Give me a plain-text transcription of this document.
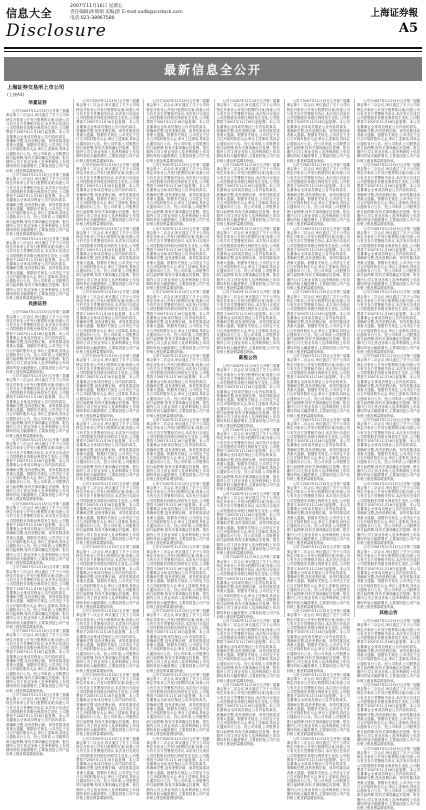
信息大全
2007年11月16日 星期五
责任编辑|孙瑞瑞 美编|彭 E-mail:xxdb@cnstock.com
电话:021-38967580
Disclosure
上海证券報
A5
最新信息全公开
上海证券交易所上市公司
(上接A4)
华夏证券

公司于2007年11月15日召开第三届董事会第十二次会议,审议通过了关于公司向特定对象非公开发行股票的议案;同意公司与有关各方签署相关协议,本次发行完成后公司控股股东持股比例将发生变化,公司股票将于2007年11月16日起复牌。本公司及董事会全体成员保证公告内容的真实、准确和完整,没有虚假记载、误导性陈述或者重大遗漏。根据有关规定,公司决定于近日召开临时股东大会,审议上述事项,具体会议通知另行公告。经公司申请,公司股票自即日起停牌,待有关事项确定后复牌。报告期内公司主营业务收入及净利润较上年同期均有较大幅度增长,主要原因是公司产品价格上涨及销量增加所致。

公司于2007年11月15日召开第三届董事会第十二次会议,审议通过了关于公司向特定对象非公开发行股票的议案;同意公司与有关各方签署相关协议,本次发行完成后公司控股股东持股比例将发生变化,公司股票将于2007年11月16日起复牌。本公司及董事会全体成员保证公告内容的真实、准确和完整,没有虚假记载、误导性陈述或者重大遗漏。根据有关规定,公司决定于近日召开临时股东大会,审议上述事项,具体会议通知另行公告。经公司申请,公司股票自即日起停牌,待有关事项确定后复牌。报告期内公司主营业务收入及净利润较上年同期均有较大幅度增长,主要原因是公司产品价格上涨及销量增加所致。

公司于2007年11月15日召开第三届董事会第十二次会议,审议通过了关于公司向特定对象非公开发行股票的议案;同意公司与有关各方签署相关协议,本次发行完成后公司控股股东持股比例将发生变化,公司股票将于2007年11月16日起复牌。本公司及董事会全体成员保证公告内容的真实、准确和完整,没有虚假记载、误导性陈述或者重大遗漏。根据有关规定,公司决定于近日召开临时股东大会,审议上述事项,具体会议通知另行公告。经公司申请,公司股票自即日起停牌,待有关事项确定后复牌。报告期内公司主营业务收入及净利润较上年同期均有较大幅度增长,主要原因是公司产品价格上涨及销量增加所致。

民族证券

公司于2007年11月15日召开第三届董事会第十二次会议,审议通过了关于公司向特定对象非公开发行股票的议案;同意公司与有关各方签署相关协议,本次发行完成后公司控股股东持股比例将发生变化,公司股票将于2007年11月16日起复牌。本公司及董事会全体成员保证公告内容的真实、准确和完整,没有虚假记载、误导性陈述或者重大遗漏。根据有关规定,公司决定于近日召开临时股东大会,审议上述事项,具体会议通知另行公告。经公司申请,公司股票自即日起停牌,待有关事项确定后复牌。报告期内公司主营业务收入及净利润较上年同期均有较大幅度增长,主要原因是公司产品价格上涨及销量增加所致。

公司于2007年11月15日召开第三届董事会第十二次会议,审议通过了关于公司向特定对象非公开发行股票的议案;同意公司与有关各方签署相关协议,本次发行完成后公司控股股东持股比例将发生变化,公司股票将于2007年11月16日起复牌。本公司及董事会全体成员保证公告内容的真实、准确和完整,没有虚假记载、误导性陈述或者重大遗漏。根据有关规定,公司决定于近日召开临时股东大会,审议上述事项,具体会议通知另行公告。经公司申请,公司股票自即日起停牌,待有关事项确定后复牌。报告期内公司主营业务收入及净利润较上年同期均有较大幅度增长,主要原因是公司产品价格上涨及销量增加所致。

公司于2007年11月15日召开第三届董事会第十二次会议,审议通过了关于公司向特定对象非公开发行股票的议案;同意公司与有关各方签署相关协议,本次发行完成后公司控股股东持股比例将发生变化,公司股票将于2007年11月16日起复牌。本公司及董事会全体成员保证公告内容的真实、准确和完整,没有虚假记载、误导性陈述或者重大遗漏。根据有关规定,公司决定于近日召开临时股东大会,审议上述事项,具体会议通知另行公告。经公司申请,公司股票自即日起停牌,待有关事项确定后复牌。报告期内公司主营业务收入及净利润较上年同期均有较大幅度增长,主要原因是公司产品价格上涨及销量增加所致。

公司于2007年11月15日召开第三届董事会第十二次会议,审议通过了关于公司向特定对象非公开发行股票的议案;同意公司与有关各方签署相关协议,本次发行完成后公司控股股东持股比例将发生变化,公司股票将于2007年11月16日起复牌。本公司及董事会全体成员保证公告内容的真实、准确和完整,没有虚假记载、误导性陈述或者重大遗漏。根据有关规定,公司决定于近日召开临时股东大会,审议上述事项,具体会议通知另行公告。经公司申请,公司股票自即日起停牌,待有关事项确定后复牌。报告期内公司主营业务收入及净利润较上年同期均有较大幅度增长,主要原因是公司产品价格上涨及销量增加所致。

公司于2007年11月15日召开第三届董事会第十二次会议,审议通过了关于公司向特定对象非公开发行股票的议案;同意公司与有关各方签署相关协议,本次发行完成后公司控股股东持股比例将发生变化,公司股票将于2007年11月16日起复牌。本公司及董事会全体成员保证公告内容的真实、准确和完整,没有虚假记载、误导性陈述或者重大遗漏。根据有关规定,公司决定于近日召开临时股东大会,审议上述事项,具体会议通知另行公告。经公司申请,公司股票自即日起停牌,待有关事项确定后复牌。报告期内公司主营业务收入及净利润较上年同期均有较大幅度增长,主要原因是公司产品价格上涨及销量增加所致。

公司于2007年11月15日召开第三届董事会第十二次会议,审议通过了关于公司向特定对象非公开发行股票的议案;同意公司与有关各方签署相关协议,本次发行完成后公司控股股东持股比例将发生变化,公司股票将于2007年11月16日起复牌。本公司及董事会全体成员保证公告内容的真实、准确和完整,没有虚假记载、误导性陈述或者重大遗漏。根据有关规定,公司决定于近日召开临时股东大会,审议上述事项,具体会议通知另行公告。经公司申请,公司股票自即日起停牌,待有关事项确定后复牌。报告期内公司主营业务收入及净利润较上年同期均有较大幅度增长,主要原因是公司产品价格上涨及销量增加所致。

公司于2007年11月15日召开第三届董事会第十二次会议,审议通过了关于公司向特定对象非公开发行股票的议案;同意公司与有关各方签署相关协议,本次发行完成后公司控股股东持股比例将发生变化,公司股票将于2007年11月16日起复牌。本公司及董事会全体成员保证公告内容的真实、准确和完整,没有虚假记载、误导性陈述或者重大遗漏。根据有关规定,公司决定于近日召开临时股东大会,审议上述事项,具体会议通知另行公告。经公司申请,公司股票自即日起停牌,待有关事项确定后复牌。报告期内公司主营业务收入及净利润较上年同期均有较大幅度增长,主要原因是公司产品价格上涨及销量增加所致。

公司于2007年11月15日召开第三届董事会第十二次会议,审议通过了关于公司向特定对象非公开发行股票的议案;同意公司与有关各方签署相关协议,本次发行完成后公司控股股东持股比例将发生变化,公司股票将于2007年11月16日起复牌。本公司及董事会全体成员保证公告内容的真实、准确和完整,没有虚假记载、误导性陈述或者重大遗漏。根据有关规定,公司决定于近日召开临时股东大会,审议上述事项,具体会议通知另行公告。经公司申请,公司股票自即日起停牌,待有关事项确定后复牌。报告期内公司主营业务收入及净利润较上年同期均有较大幅度增长,主要原因是公司产品价格上涨及销量增加所致。

公司于2007年11月15日召开第三届董事会第十二次会议,审议通过了关于公司向特定对象非公开发行股票的议案;同意公司与有关各方签署相关协议,本次发行完成后公司控股股东持股比例将发生变化,公司股票将于2007年11月16日起复牌。本公司及董事会全体成员保证公告内容的真实、准确和完整,没有虚假记载、误导性陈述或者重大遗漏。根据有关规定,公司决定于近日召开临时股东大会,审议上述事项,具体会议通知另行公告。经公司申请,公司股票自即日起停牌,待有关事项确定后复牌。报告期内公司主营业务收入及净利润较上年同期均有较大幅度增长,主要原因是公司产品价格上涨及销量增加所致。

公司于2007年11月15日召开第三届董事会第十二次会议,审议通过了关于公司向特定对象非公开发行股票的议案;同意公司与有关各方签署相关协议,本次发行完成后公司控股股东持股比例将发生变化,公司股票将于2007年11月16日起复牌。本公司及董事会全体成员保证公告内容的真实、准确和完整,没有虚假记载、误导性陈述或者重大遗漏。根据有关规定,公司决定于近日召开临时股东大会,审议上述事项,具体会议通知另行公告。经公司申请,公司股票自即日起停牌,待有关事项确定后复牌。报告期内公司主营业务收入及净利润较上年同期均有较大幅度增长,主要原因是公司产品价格上涨及销量增加所致。

公司于2007年11月15日召开第三届董事会第十二次会议,审议通过了关于公司向特定对象非公开发行股票的议案;同意公司与有关各方签署相关协议,本次发行完成后公司控股股东持股比例将发生变化,公司股票将于2007年11月16日起复牌。本公司及董事会全体成员保证公告内容的真实、准确和完整,没有虚假记载、误导性陈述或者重大遗漏。根据有关规定,公司决定于近日召开临时股东大会,审议上述事项,具体会议通知另行公告。经公司申请,公司股票自即日起停牌,待有关事项确定后复牌。报告期内公司主营业务收入及净利润较上年同期均有较大幅度增长,主要原因是公司产品价格上涨及销量增加所致。

公司于2007年11月15日召开第三届董事会第十二次会议,审议通过了关于公司向特定对象非公开发行股票的议案;同意公司与有关各方签署相关协议,本次发行完成后公司控股股东持股比例将发生变化,公司股票将于2007年11月16日起复牌。本公司及董事会全体成员保证公告内容的真实、准确和完整,没有虚假记载、误导性陈述或者重大遗漏。根据有关规定,公司决定于近日召开临时股东大会,审议上述事项,具体会议通知另行公告。经公司申请,公司股票自即日起停牌,待有关事项确定后复牌。报告期内公司主营业务收入及净利润较上年同期均有较大幅度增长,主要原因是公司产品价格上涨及销量增加所致。

公司于2007年11月15日召开第三届董事会第十二次会议,审议通过了关于公司向特定对象非公开发行股票的议案;同意公司与有关各方签署相关协议,本次发行完成后公司控股股东持股比例将发生变化,公司股票将于2007年11月16日起复牌。本公司及董事会全体成员保证公告内容的真实、准确和完整,没有虚假记载、误导性陈述或者重大遗漏。根据有关规定,公司决定于近日召开临时股东大会,审议上述事项,具体会议通知另行公告。经公司申请,公司股票自即日起停牌,待有关事项确定后复牌。报告期内公司主营业务收入及净利润较上年同期均有较大幅度增长,主要原因是公司产品价格上涨及销量增加所致。

公司于2007年11月15日召开第三届董事会第十二次会议,审议通过了关于公司向特定对象非公开发行股票的议案;同意公司与有关各方签署相关协议,本次发行完成后公司控股股东持股比例将发生变化,公司股票将于2007年11月16日起复牌。本公司及董事会全体成员保证公告内容的真实、准确和完整,没有虚假记载、误导性陈述或者重大遗漏。根据有关规定,公司决定于近日召开临时股东大会,审议上述事项,具体会议通知另行公告。经公司申请,公司股票自即日起停牌,待有关事项确定后复牌。报告期内公司主营业务收入及净利润较上年同期均有较大幅度增长,主要原因是公司产品价格上涨及销量增加所致。

公司于2007年11月15日召开第三届董事会第十二次会议,审议通过了关于公司向特定对象非公开发行股票的议案;同意公司与有关各方签署相关协议,本次发行完成后公司控股股东持股比例将发生变化,公司股票将于2007年11月16日起复牌。本公司及董事会全体成员保证公告内容的真实、准确和完整,没有虚假记载、误导性陈述或者重大遗漏。根据有关规定,公司决定于近日召开临时股东大会,审议上述事项,具体会议通知另行公告。经公司申请,公司股票自即日起停牌,待有关事项确定后复牌。报告期内公司主营业务收入及净利润较上年同期均有较大幅度增长,主要原因是公司产品价格上涨及销量增加所致。

公司于2007年11月15日召开第三届董事会第十二次会议,审议通过了关于公司向特定对象非公开发行股票的议案;同意公司与有关各方签署相关协议,本次发行完成后公司控股股东持股比例将发生变化,公司股票将于2007年11月16日起复牌。本公司及董事会全体成员保证公告内容的真实、准确和完整,没有虚假记载、误导性陈述或者重大遗漏。根据有关规定,公司决定于近日召开临时股东大会,审议上述事项,具体会议通知另行公告。经公司申请,公司股票自即日起停牌,待有关事项确定后复牌。报告期内公司主营业务收入及净利润较上年同期均有较大幅度增长,主要原因是公司产品价格上涨及销量增加所致。

公司于2007年11月15日召开第三届董事会第十二次会议,审议通过了关于公司向特定对象非公开发行股票的议案;同意公司与有关各方签署相关协议,本次发行完成后公司控股股东持股比例将发生变化,公司股票将于2007年11月16日起复牌。本公司及董事会全体成员保证公告内容的真实、准确和完整,没有虚假记载、误导性陈述或者重大遗漏。根据有关规定,公司决定于近日召开临时股东大会,审议上述事项,具体会议通知另行公告。经公司申请,公司股票自即日起停牌,待有关事项确定后复牌。报告期内公司主营业务收入及净利润较上年同期均有较大幅度增长,主要原因是公司产品价格上涨及销量增加所致。

公司于2007年11月15日召开第三届董事会第十二次会议,审议通过了关于公司向特定对象非公开发行股票的议案;同意公司与有关各方签署相关协议,本次发行完成后公司控股股东持股比例将发生变化,公司股票将于2007年11月16日起复牌。本公司及董事会全体成员保证公告内容的真实、准确和完整,没有虚假记载、误导性陈述或者重大遗漏。根据有关规定,公司决定于近日召开临时股东大会,审议上述事项,具体会议通知另行公告。经公司申请,公司股票自即日起停牌,待有关事项确定后复牌。报告期内公司主营业务收入及净利润较上年同期均有较大幅度增长,主要原因是公司产品价格上涨及销量增加所致。

公司于2007年11月15日召开第三届董事会第十二次会议,审议通过了关于公司向特定对象非公开发行股票的议案;同意公司与有关各方签署相关协议,本次发行完成后公司控股股东持股比例将发生变化,公司股票将于2007年11月16日起复牌。本公司及董事会全体成员保证公告内容的真实、准确和完整,没有虚假记载、误导性陈述或者重大遗漏。根据有关规定,公司决定于近日召开临时股东大会,审议上述事项,具体会议通知另行公告。经公司申请,公司股票自即日起停牌,待有关事项确定后复牌。报告期内公司主营业务收入及净利润较上年同期均有较大幅度增长,主要原因是公司产品价格上涨及销量增加所致。

公司于2007年11月15日召开第三届董事会第十二次会议,审议通过了关于公司向特定对象非公开发行股票的议案;同意公司与有关各方签署相关协议,本次发行完成后公司控股股东持股比例将发生变化,公司股票将于2007年11月16日起复牌。本公司及董事会全体成员保证公告内容的真实、准确和完整,没有虚假记载、误导性陈述或者重大遗漏。根据有关规定,公司决定于近日召开临时股东大会,审议上述事项,具体会议通知另行公告。经公司申请,公司股票自即日起停牌,待有关事项确定后复牌。报告期内公司主营业务收入及净利润较上年同期均有较大幅度增长,主要原因是公司产品价格上涨及销量增加所致。

公司于2007年11月15日召开第三届董事会第十二次会议,审议通过了关于公司向特定对象非公开发行股票的议案;同意公司与有关各方签署相关协议,本次发行完成后公司控股股东持股比例将发生变化,公司股票将于2007年11月16日起复牌。本公司及董事会全体成员保证公告内容的真实、准确和完整,没有虚假记载、误导性陈述或者重大遗漏。根据有关规定,公司决定于近日召开临时股东大会,审议上述事项,具体会议通知另行公告。经公司申请,公司股票自即日起停牌,待有关事项确定后复牌。报告期内公司主营业务收入及净利润较上年同期均有较大幅度增长,主要原因是公司产品价格上涨及销量增加所致。

公司于2007年11月15日召开第三届董事会第十二次会议,审议通过了关于公司向特定对象非公开发行股票的议案;同意公司与有关各方签署相关协议,本次发行完成后公司控股股东持股比例将发生变化,公司股票将于2007年11月16日起复牌。本公司及董事会全体成员保证公告内容的真实、准确和完整,没有虚假记载、误导性陈述或者重大遗漏。根据有关规定,公司决定于近日召开临时股东大会,审议上述事项,具体会议通知另行公告。经公司申请,公司股票自即日起停牌,待有关事项确定后复牌。报告期内公司主营业务收入及净利润较上年同期均有较大幅度增长,主要原因是公司产品价格上涨及销量增加所致。

公司于2007年11月15日召开第三届董事会第十二次会议,审议通过了关于公司向特定对象非公开发行股票的议案;同意公司与有关各方签署相关协议,本次发行完成后公司控股股东持股比例将发生变化,公司股票将于2007年11月16日起复牌。本公司及董事会全体成员保证公告内容的真实、准确和完整,没有虚假记载、误导性陈述或者重大遗漏。根据有关规定,公司决定于近日召开临时股东大会,审议上述事项,具体会议通知另行公告。经公司申请,公司股票自即日起停牌,待有关事项确定后复牌。报告期内公司主营业务收入及净利润较上年同期均有较大幅度增长,主要原因是公司产品价格上涨及销量增加所致。

公司于2007年11月15日召开第三届董事会第十二次会议,审议通过了关于公司向特定对象非公开发行股票的议案;同意公司与有关各方签署相关协议,本次发行完成后公司控股股东持股比例将发生变化,公司股票将于2007年11月16日起复牌。本公司及董事会全体成员保证公告内容的真实、准确和完整,没有虚假记载、误导性陈述或者重大遗漏。根据有关规定,公司决定于近日召开临时股东大会,审议上述事项,具体会议通知另行公告。经公司申请,公司股票自即日起停牌,待有关事项确定后复牌。报告期内公司主营业务收入及净利润较上年同期均有较大幅度增长,主要原因是公司产品价格上涨及销量增加所致。

公司于2007年11月15日召开第三届董事会第十二次会议,审议通过了关于公司向特定对象非公开发行股票的议案;同意公司与有关各方签署相关协议,本次发行完成后公司控股股东持股比例将发生变化,公司股票将于2007年11月16日起复牌。本公司及董事会全体成员保证公告内容的真实、准确和完整,没有虚假记载、误导性陈述或者重大遗漏。根据有关规定,公司决定于近日召开临时股东大会,审议上述事项,具体会议通知另行公告。经公司申请,公司股票自即日起停牌,待有关事项确定后复牌。报告期内公司主营业务收入及净利润较上年同期均有较大幅度增长,主要原因是公司产品价格上涨及销量增加所致。

公司于2007年11月15日召开第三届董事会第十二次会议,审议通过了关于公司向特定对象非公开发行股票的议案;同意公司与有关各方签署相关协议,本次发行完成后公司控股股东持股比例将发生变化,公司股票将于2007年11月16日起复牌。本公司及董事会全体成员保证公告内容的真实、准确和完整,没有虚假记载、误导性陈述或者重大遗漏。根据有关规定,公司决定于近日召开临时股东大会,审议上述事项,具体会议通知另行公告。经公司申请,公司股票自即日起停牌,待有关事项确定后复牌。报告期内公司主营业务收入及净利润较上年同期均有较大幅度增长,主要原因是公司产品价格上涨及销量增加所致。

公司于2007年11月15日召开第三届董事会第十二次会议,审议通过了关于公司向特定对象非公开发行股票的议案;同意公司与有关各方签署相关协议,本次发行完成后公司控股股东持股比例将发生变化,公司股票将于2007年11月16日起复牌。本公司及董事会全体成员保证公告内容的真实、准确和完整,没有虚假记载、误导性陈述或者重大遗漏。根据有关规定,公司决定于近日召开临时股东大会,审议上述事项,具体会议通知另行公告。经公司申请,公司股票自即日起停牌,待有关事项确定后复牌。报告期内公司主营业务收入及净利润较上年同期均有较大幅度增长,主要原因是公司产品价格上涨及销量增加所致。

公司于2007年11月15日召开第三届董事会第十二次会议,审议通过了关于公司向特定对象非公开发行股票的议案;同意公司与有关各方签署相关协议,本次发行完成后公司控股股东持股比例将发生变化,公司股票将于2007年11月16日起复牌。本公司及董事会全体成员保证公告内容的真实、准确和完整,没有虚假记载、误导性陈述或者重大遗漏。根据有关规定,公司决定于近日召开临时股东大会,审议上述事项,具体会议通知另行公告。经公司申请,公司股票自即日起停牌,待有关事项确定后复牌。报告期内公司主营业务收入及净利润较上年同期均有较大幅度增长,主要原因是公司产品价格上涨及销量增加所致。

公司于2007年11月15日召开第三届董事会第十二次会议,审议通过了关于公司向特定对象非公开发行股票的议案;同意公司与有关各方签署相关协议,本次发行完成后公司控股股东持股比例将发生变化,公司股票将于2007年11月16日起复牌。本公司及董事会全体成员保证公告内容的真实、准确和完整,没有虚假记载、误导性陈述或者重大遗漏。根据有关规定,公司决定于近日召开临时股东大会,审议上述事项,具体会议通知另行公告。经公司申请,公司股票自即日起停牌,待有关事项确定后复牌。报告期内公司主营业务收入及净利润较上年同期均有较大幅度增长,主要原因是公司产品价格上涨及销量增加所致。

公司于2007年11月15日召开第三届董事会第十二次会议,审议通过了关于公司向特定对象非公开发行股票的议案;同意公司与有关各方签署相关协议,本次发行完成后公司控股股东持股比例将发生变化,公司股票将于2007年11月16日起复牌。本公司及董事会全体成员保证公告内容的真实、准确和完整,没有虚假记载、误导性陈述或者重大遗漏。根据有关规定,公司决定于近日召开临时股东大会,审议上述事项,具体会议通知另行公告。经公司申请,公司股票自即日起停牌,待有关事项确定后复牌。报告期内公司主营业务收入及净利润较上年同期均有较大幅度增长,主要原因是公司产品价格上涨及销量增加所致。

公司于2007年11月15日召开第三届董事会第十二次会议,审议通过了关于公司向特定对象非公开发行股票的议案;同意公司与有关各方签署相关协议,本次发行完成后公司控股股东持股比例将发生变化,公司股票将于2007年11月16日起复牌。本公司及董事会全体成员保证公告内容的真实、准确和完整,没有虚假记载、误导性陈述或者重大遗漏。根据有关规定,公司决定于近日召开临时股东大会,审议上述事项,具体会议通知另行公告。经公司申请,公司股票自即日起停牌,待有关事项确定后复牌。报告期内公司主营业务收入及净利润较上年同期均有较大幅度增长,主要原因是公司产品价格上涨及销量增加所致。

公司于2007年11月15日召开第三届董事会第十二次会议,审议通过了关于公司向特定对象非公开发行股票的议案;同意公司与有关各方签署相关协议,本次发行完成后公司控股股东持股比例将发生变化,公司股票将于2007年11月16日起复牌。本公司及董事会全体成员保证公告内容的真实、准确和完整,没有虚假记载、误导性陈述或者重大遗漏。根据有关规定,公司决定于近日召开临时股东大会,审议上述事项,具体会议通知另行公告。经公司申请,公司股票自即日起停牌,待有关事项确定后复牌。报告期内公司主营业务收入及净利润较上年同期均有较大幅度增长,主要原因是公司产品价格上涨及销量增加所致。

公司于2007年11月15日召开第三届董事会第十二次会议,审议通过了关于公司向特定对象非公开发行股票的议案;同意公司与有关各方签署相关协议,本次发行完成后公司控股股东持股比例将发生变化,公司股票将于2007年11月16日起复牌。本公司及董事会全体成员保证公告内容的真实、准确和完整,没有虚假记载、误导性陈述或者重大遗漏。根据有关规定,公司决定于近日召开临时股东大会,审议上述事项,具体会议通知另行公告。经公司申请,公司股票自即日起停牌,待有关事项确定后复牌。报告期内公司主营业务收入及净利润较上年同期均有较大幅度增长,主要原因是公司产品价格上涨及销量增加所致。

新股公告

公司于2007年11月15日召开第三届董事会第十二次会议,审议通过了关于公司向特定对象非公开发行股票的议案;同意公司与有关各方签署相关协议,本次发行完成后公司控股股东持股比例将发生变化,公司股票将于2007年11月16日起复牌。本公司及董事会全体成员保证公告内容的真实、准确和完整,没有虚假记载、误导性陈述或者重大遗漏。根据有关规定,公司决定于近日召开临时股东大会,审议上述事项,具体会议通知另行公告。经公司申请,公司股票自即日起停牌,待有关事项确定后复牌。报告期内公司主营业务收入及净利润较上年同期均有较大幅度增长,主要原因是公司产品价格上涨及销量增加所致。

公司于2007年11月15日召开第三届董事会第十二次会议,审议通过了关于公司向特定对象非公开发行股票的议案;同意公司与有关各方签署相关协议,本次发行完成后公司控股股东持股比例将发生变化,公司股票将于2007年11月16日起复牌。本公司及董事会全体成员保证公告内容的真实、准确和完整,没有虚假记载、误导性陈述或者重大遗漏。根据有关规定,公司决定于近日召开临时股东大会,审议上述事项,具体会议通知另行公告。经公司申请,公司股票自即日起停牌,待有关事项确定后复牌。报告期内公司主营业务收入及净利润较上年同期均有较大幅度增长,主要原因是公司产品价格上涨及销量增加所致。

公司于2007年11月15日召开第三届董事会第十二次会议,审议通过了关于公司向特定对象非公开发行股票的议案;同意公司与有关各方签署相关协议,本次发行完成后公司控股股东持股比例将发生变化,公司股票将于2007年11月16日起复牌。本公司及董事会全体成员保证公告内容的真实、准确和完整,没有虚假记载、误导性陈述或者重大遗漏。根据有关规定,公司决定于近日召开临时股东大会,审议上述事项,具体会议通知另行公告。经公司申请,公司股票自即日起停牌,待有关事项确定后复牌。报告期内公司主营业务收入及净利润较上年同期均有较大幅度增长,主要原因是公司产品价格上涨及销量增加所致。

公司于2007年11月15日召开第三届董事会第十二次会议,审议通过了关于公司向特定对象非公开发行股票的议案;同意公司与有关各方签署相关协议,本次发行完成后公司控股股东持股比例将发生变化,公司股票将于2007年11月16日起复牌。本公司及董事会全体成员保证公告内容的真实、准确和完整,没有虚假记载、误导性陈述或者重大遗漏。根据有关规定,公司决定于近日召开临时股东大会,审议上述事项,具体会议通知另行公告。经公司申请,公司股票自即日起停牌,待有关事项确定后复牌。报告期内公司主营业务收入及净利润较上年同期均有较大幅度增长,主要原因是公司产品价格上涨及销量增加所致。

公司于2007年11月15日召开第三届董事会第十二次会议,审议通过了关于公司向特定对象非公开发行股票的议案;同意公司与有关各方签署相关协议,本次发行完成后公司控股股东持股比例将发生变化,公司股票将于2007年11月16日起复牌。本公司及董事会全体成员保证公告内容的真实、准确和完整,没有虚假记载、误导性陈述或者重大遗漏。根据有关规定,公司决定于近日召开临时股东大会,审议上述事项,具体会议通知另行公告。经公司申请,公司股票自即日起停牌,待有关事项确定后复牌。报告期内公司主营业务收入及净利润较上年同期均有较大幅度增长,主要原因是公司产品价格上涨及销量增加所致。

公司于2007年11月15日召开第三届董事会第十二次会议,审议通过了关于公司向特定对象非公开发行股票的议案;同意公司与有关各方签署相关协议,本次发行完成后公司控股股东持股比例将发生变化,公司股票将于2007年11月16日起复牌。本公司及董事会全体成员保证公告内容的真实、准确和完整,没有虚假记载、误导性陈述或者重大遗漏。根据有关规定,公司决定于近日召开临时股东大会,审议上述事项,具体会议通知另行公告。经公司申请,公司股票自即日起停牌,待有关事项确定后复牌。报告期内公司主营业务收入及净利润较上年同期均有较大幅度增长,主要原因是公司产品价格上涨及销量增加所致。

公司于2007年11月15日召开第三届董事会第十二次会议,审议通过了关于公司向特定对象非公开发行股票的议案;同意公司与有关各方签署相关协议,本次发行完成后公司控股股东持股比例将发生变化,公司股票将于2007年11月16日起复牌。本公司及董事会全体成员保证公告内容的真实、准确和完整,没有虚假记载、误导性陈述或者重大遗漏。根据有关规定,公司决定于近日召开临时股东大会,审议上述事项,具体会议通知另行公告。经公司申请,公司股票自即日起停牌,待有关事项确定后复牌。报告期内公司主营业务收入及净利润较上年同期均有较大幅度增长,主要原因是公司产品价格上涨及销量增加所致。

公司于2007年11月15日召开第三届董事会第十二次会议,审议通过了关于公司向特定对象非公开发行股票的议案;同意公司与有关各方签署相关协议,本次发行完成后公司控股股东持股比例将发生变化,公司股票将于2007年11月16日起复牌。本公司及董事会全体成员保证公告内容的真实、准确和完整,没有虚假记载、误导性陈述或者重大遗漏。根据有关规定,公司决定于近日召开临时股东大会,审议上述事项,具体会议通知另行公告。经公司申请,公司股票自即日起停牌,待有关事项确定后复牌。报告期内公司主营业务收入及净利润较上年同期均有较大幅度增长,主要原因是公司产品价格上涨及销量增加所致。

公司于2007年11月15日召开第三届董事会第十二次会议,审议通过了关于公司向特定对象非公开发行股票的议案;同意公司与有关各方签署相关协议,本次发行完成后公司控股股东持股比例将发生变化,公司股票将于2007年11月16日起复牌。本公司及董事会全体成员保证公告内容的真实、准确和完整,没有虚假记载、误导性陈述或者重大遗漏。根据有关规定,公司决定于近日召开临时股东大会,审议上述事项,具体会议通知另行公告。经公司申请,公司股票自即日起停牌,待有关事项确定后复牌。报告期内公司主营业务收入及净利润较上年同期均有较大幅度增长,主要原因是公司产品价格上涨及销量增加所致。

公司于2007年11月15日召开第三届董事会第十二次会议,审议通过了关于公司向特定对象非公开发行股票的议案;同意公司与有关各方签署相关协议,本次发行完成后公司控股股东持股比例将发生变化,公司股票将于2007年11月16日起复牌。本公司及董事会全体成员保证公告内容的真实、准确和完整,没有虚假记载、误导性陈述或者重大遗漏。根据有关规定,公司决定于近日召开临时股东大会,审议上述事项,具体会议通知另行公告。经公司申请,公司股票自即日起停牌,待有关事项确定后复牌。报告期内公司主营业务收入及净利润较上年同期均有较大幅度增长,主要原因是公司产品价格上涨及销量增加所致。

公司于2007年11月15日召开第三届董事会第十二次会议,审议通过了关于公司向特定对象非公开发行股票的议案;同意公司与有关各方签署相关协议,本次发行完成后公司控股股东持股比例将发生变化,公司股票将于2007年11月16日起复牌。本公司及董事会全体成员保证公告内容的真实、准确和完整,没有虚假记载、误导性陈述或者重大遗漏。根据有关规定,公司决定于近日召开临时股东大会,审议上述事项,具体会议通知另行公告。经公司申请,公司股票自即日起停牌,待有关事项确定后复牌。报告期内公司主营业务收入及净利润较上年同期均有较大幅度增长,主要原因是公司产品价格上涨及销量增加所致。

公司于2007年11月15日召开第三届董事会第十二次会议,审议通过了关于公司向特定对象非公开发行股票的议案;同意公司与有关各方签署相关协议,本次发行完成后公司控股股东持股比例将发生变化,公司股票将于2007年11月16日起复牌。本公司及董事会全体成员保证公告内容的真实、准确和完整,没有虚假记载、误导性陈述或者重大遗漏。根据有关规定,公司决定于近日召开临时股东大会,审议上述事项,具体会议通知另行公告。经公司申请,公司股票自即日起停牌,待有关事项确定后复牌。报告期内公司主营业务收入及净利润较上年同期均有较大幅度增长,主要原因是公司产品价格上涨及销量增加所致。

公司于2007年11月15日召开第三届董事会第十二次会议,审议通过了关于公司向特定对象非公开发行股票的议案;同意公司与有关各方签署相关协议,本次发行完成后公司控股股东持股比例将发生变化,公司股票将于2007年11月16日起复牌。本公司及董事会全体成员保证公告内容的真实、准确和完整,没有虚假记载、误导性陈述或者重大遗漏。根据有关规定,公司决定于近日召开临时股东大会,审议上述事项,具体会议通知另行公告。经公司申请,公司股票自即日起停牌,待有关事项确定后复牌。报告期内公司主营业务收入及净利润较上年同期均有较大幅度增长,主要原因是公司产品价格上涨及销量增加所致。

公司于2007年11月15日召开第三届董事会第十二次会议,审议通过了关于公司向特定对象非公开发行股票的议案;同意公司与有关各方签署相关协议,本次发行完成后公司控股股东持股比例将发生变化,公司股票将于2007年11月16日起复牌。本公司及董事会全体成员保证公告内容的真实、准确和完整,没有虚假记载、误导性陈述或者重大遗漏。根据有关规定,公司决定于近日召开临时股东大会,审议上述事项,具体会议通知另行公告。经公司申请,公司股票自即日起停牌,待有关事项确定后复牌。报告期内公司主营业务收入及净利润较上年同期均有较大幅度增长,主要原因是公司产品价格上涨及销量增加所致。

公司于2007年11月15日召开第三届董事会第十二次会议,审议通过了关于公司向特定对象非公开发行股票的议案;同意公司与有关各方签署相关协议,本次发行完成后公司控股股东持股比例将发生变化,公司股票将于2007年11月16日起复牌。本公司及董事会全体成员保证公告内容的真实、准确和完整,没有虚假记载、误导性陈述或者重大遗漏。根据有关规定,公司决定于近日召开临时股东大会,审议上述事项,具体会议通知另行公告。经公司申请,公司股票自即日起停牌,待有关事项确定后复牌。报告期内公司主营业务收入及净利润较上年同期均有较大幅度增长,主要原因是公司产品价格上涨及销量增加所致。

公司于2007年11月15日召开第三届董事会第十二次会议,审议通过了关于公司向特定对象非公开发行股票的议案;同意公司与有关各方签署相关协议,本次发行完成后公司控股股东持股比例将发生变化,公司股票将于2007年11月16日起复牌。本公司及董事会全体成员保证公告内容的真实、准确和完整,没有虚假记载、误导性陈述或者重大遗漏。根据有关规定,公司决定于近日召开临时股东大会,审议上述事项,具体会议通知另行公告。经公司申请,公司股票自即日起停牌,待有关事项确定后复牌。报告期内公司主营业务收入及净利润较上年同期均有较大幅度增长,主要原因是公司产品价格上涨及销量增加所致。

公司于2007年11月15日召开第三届董事会第十二次会议,审议通过了关于公司向特定对象非公开发行股票的议案;同意公司与有关各方签署相关协议,本次发行完成后公司控股股东持股比例将发生变化,公司股票将于2007年11月16日起复牌。本公司及董事会全体成员保证公告内容的真实、准确和完整,没有虚假记载、误导性陈述或者重大遗漏。根据有关规定,公司决定于近日召开临时股东大会,审议上述事项,具体会议通知另行公告。经公司申请,公司股票自即日起停牌,待有关事项确定后复牌。报告期内公司主营业务收入及净利润较上年同期均有较大幅度增长,主要原因是公司产品价格上涨及销量增加所致。

公司于2007年11月15日召开第三届董事会第十二次会议,审议通过了关于公司向特定对象非公开发行股票的议案;同意公司与有关各方签署相关协议,本次发行完成后公司控股股东持股比例将发生变化,公司股票将于2007年11月16日起复牌。本公司及董事会全体成员保证公告内容的真实、准确和完整,没有虚假记载、误导性陈述或者重大遗漏。根据有关规定,公司决定于近日召开临时股东大会,审议上述事项,具体会议通知另行公告。经公司申请,公司股票自即日起停牌,待有关事项确定后复牌。报告期内公司主营业务收入及净利润较上年同期均有较大幅度增长,主要原因是公司产品价格上涨及销量增加所致。

公司于2007年11月15日召开第三届董事会第十二次会议,审议通过了关于公司向特定对象非公开发行股票的议案;同意公司与有关各方签署相关协议,本次发行完成后公司控股股东持股比例将发生变化,公司股票将于2007年11月16日起复牌。本公司及董事会全体成员保证公告内容的真实、准确和完整,没有虚假记载、误导性陈述或者重大遗漏。根据有关规定,公司决定于近日召开临时股东大会,审议上述事项,具体会议通知另行公告。经公司申请,公司股票自即日起停牌,待有关事项确定后复牌。报告期内公司主营业务收入及净利润较上年同期均有较大幅度增长,主要原因是公司产品价格上涨及销量增加所致。

公司于2007年11月15日召开第三届董事会第十二次会议,审议通过了关于公司向特定对象非公开发行股票的议案;同意公司与有关各方签署相关协议,本次发行完成后公司控股股东持股比例将发生变化,公司股票将于2007年11月16日起复牌。本公司及董事会全体成员保证公告内容的真实、准确和完整,没有虚假记载、误导性陈述或者重大遗漏。根据有关规定,公司决定于近日召开临时股东大会,审议上述事项,具体会议通知另行公告。经公司申请,公司股票自即日起停牌,待有关事项确定后复牌。报告期内公司主营业务收入及净利润较上年同期均有较大幅度增长,主要原因是公司产品价格上涨及销量增加所致。

公司于2007年11月15日召开第三届董事会第十二次会议,审议通过了关于公司向特定对象非公开发行股票的议案;同意公司与有关各方签署相关协议,本次发行完成后公司控股股东持股比例将发生变化,公司股票将于2007年11月16日起复牌。本公司及董事会全体成员保证公告内容的真实、准确和完整,没有虚假记载、误导性陈述或者重大遗漏。根据有关规定,公司决定于近日召开临时股东大会,审议上述事项,具体会议通知另行公告。经公司申请,公司股票自即日起停牌,待有关事项确定后复牌。报告期内公司主营业务收入及净利润较上年同期均有较大幅度增长,主要原因是公司产品价格上涨及销量增加所致。

公司于2007年11月15日召开第三届董事会第十二次会议,审议通过了关于公司向特定对象非公开发行股票的议案;同意公司与有关各方签署相关协议,本次发行完成后公司控股股东持股比例将发生变化,公司股票将于2007年11月16日起复牌。本公司及董事会全体成员保证公告内容的真实、准确和完整,没有虚假记载、误导性陈述或者重大遗漏。根据有关规定,公司决定于近日召开临时股东大会,审议上述事项,具体会议通知另行公告。经公司申请,公司股票自即日起停牌,待有关事项确定后复牌。报告期内公司主营业务收入及净利润较上年同期均有较大幅度增长,主要原因是公司产品价格上涨及销量增加所致。

公司于2007年11月15日召开第三届董事会第十二次会议,审议通过了关于公司向特定对象非公开发行股票的议案;同意公司与有关各方签署相关协议,本次发行完成后公司控股股东持股比例将发生变化,公司股票将于2007年11月16日起复牌。本公司及董事会全体成员保证公告内容的真实、准确和完整,没有虚假记载、误导性陈述或者重大遗漏。根据有关规定,公司决定于近日召开临时股东大会,审议上述事项,具体会议通知另行公告。经公司申请,公司股票自即日起停牌,待有关事项确定后复牌。报告期内公司主营业务收入及净利润较上年同期均有较大幅度增长,主要原因是公司产品价格上涨及销量增加所致。

公司于2007年11月15日召开第三届董事会第十二次会议,审议通过了关于公司向特定对象非公开发行股票的议案;同意公司与有关各方签署相关协议,本次发行完成后公司控股股东持股比例将发生变化,公司股票将于2007年11月16日起复牌。本公司及董事会全体成员保证公告内容的真实、准确和完整,没有虚假记载、误导性陈述或者重大遗漏。根据有关规定,公司决定于近日召开临时股东大会,审议上述事项,具体会议通知另行公告。经公司申请,公司股票自即日起停牌,待有关事项确定后复牌。报告期内公司主营业务收入及净利润较上年同期均有较大幅度增长,主要原因是公司产品价格上涨及销量增加所致。

公司于2007年11月15日召开第三届董事会第十二次会议,审议通过了关于公司向特定对象非公开发行股票的议案;同意公司与有关各方签署相关协议,本次发行完成后公司控股股东持股比例将发生变化,公司股票将于2007年11月16日起复牌。本公司及董事会全体成员保证公告内容的真实、准确和完整,没有虚假记载、误导性陈述或者重大遗漏。根据有关规定,公司决定于近日召开临时股东大会,审议上述事项,具体会议通知另行公告。经公司申请,公司股票自即日起停牌,待有关事项确定后复牌。报告期内公司主营业务收入及净利润较上年同期均有较大幅度增长,主要原因是公司产品价格上涨及销量增加所致。

其他公告

公司于2007年11月15日召开第三届董事会第十二次会议,审议通过了关于公司向特定对象非公开发行股票的议案;同意公司与有关各方签署相关协议,本次发行完成后公司控股股东持股比例将发生变化,公司股票将于2007年11月16日起复牌。本公司及董事会全体成员保证公告内容的真实、准确和完整,没有虚假记载、误导性陈述或者重大遗漏。根据有关规定,公司决定于近日召开临时股东大会,审议上述事项,具体会议通知另行公告。经公司申请,公司股票自即日起停牌,待有关事项确定后复牌。报告期内公司主营业务收入及净利润较上年同期均有较大幅度增长,主要原因是公司产品价格上涨及销量增加所致。

公司于2007年11月15日召开第三届董事会第十二次会议,审议通过了关于公司向特定对象非公开发行股票的议案;同意公司与有关各方签署相关协议,本次发行完成后公司控股股东持股比例将发生变化,公司股票将于2007年11月16日起复牌。本公司及董事会全体成员保证公告内容的真实、准确和完整,没有虚假记载、误导性陈述或者重大遗漏。根据有关规定,公司决定于近日召开临时股东大会,审议上述事项,具体会议通知另行公告。经公司申请,公司股票自即日起停牌,待有关事项确定后复牌。报告期内公司主营业务收入及净利润较上年同期均有较大幅度增长,主要原因是公司产品价格上涨及销量增加所致。

公司于2007年11月15日召开第三届董事会第十二次会议,审议通过了关于公司向特定对象非公开发行股票的议案;同意公司与有关各方签署相关协议,本次发行完成后公司控股股东持股比例将发生变化,公司股票将于2007年11月16日起复牌。本公司及董事会全体成员保证公告内容的真实、准确和完整,没有虚假记载、误导性陈述或者重大遗漏。根据有关规定,公司决定于近日召开临时股东大会,审议上述事项,具体会议通知另行公告。经公司申请,公司股票自即日起停牌,待有关事项确定后复牌。报告期内公司主营业务收入及净利润较上年同期均有较大幅度增长,主要原因是公司产品价格上涨及销量增加所致。
